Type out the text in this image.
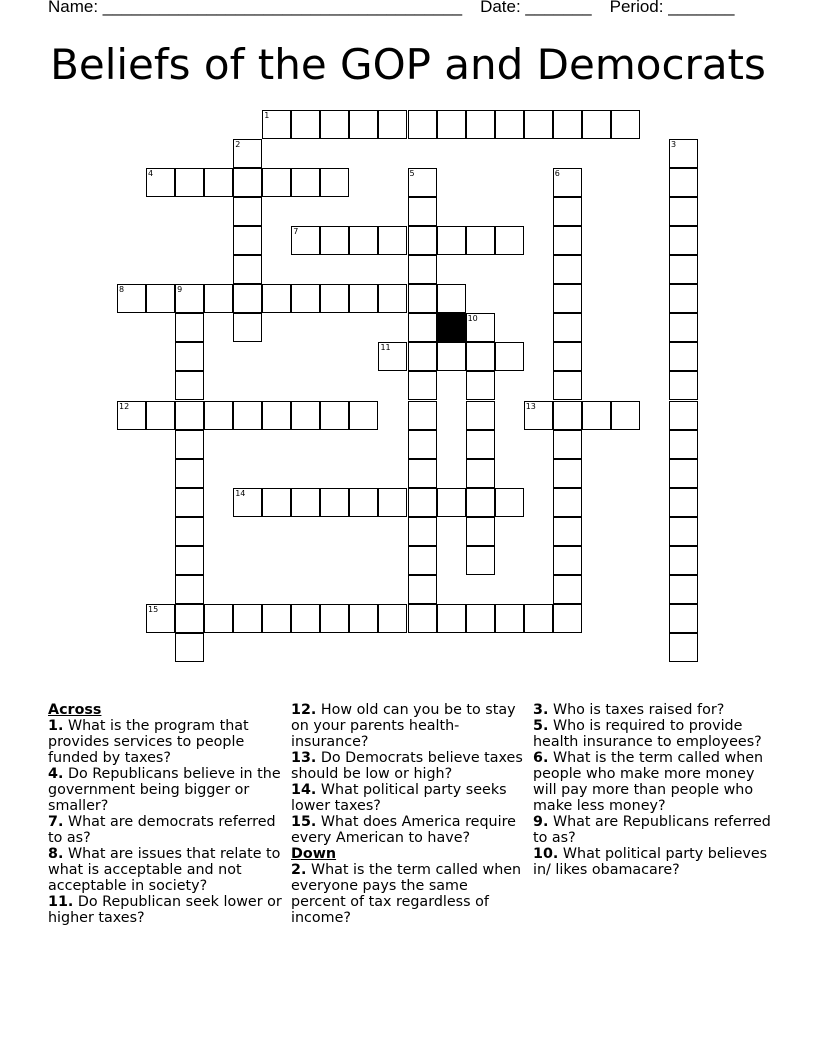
Name: ______________________________________ Date: _______ Period: _______
Beliefs of the GOP and Democrats
1
2	3
4	5	6
7
8	9
10
11
12	13
14
15
Across
1. What is the program that provides services to people funded by taxes?
4. Do Republicans believe in the government being bigger or smaller?
7. What are democrats referred to as?
8. What are issues that relate to what is acceptable and not acceptable in society?
11. Do Republican seek lower or higher taxes?
12. How old can you be to stay on your parents health-insurance?
13. Do Democrats believe taxes should be low or high?
14. What political party seeks lower taxes?
15. What does America require every American to have?
Down
2. What is the term called when everyone pays the same percent of tax regardless of income?
3. Who is taxes raised for?
5. Who is required to provide health insurance to employees?
6. What is the term called when people who make more money will pay more than people who make less money?
9. What are Republicans referred to as?
10. What political party believes in/ likes obamacare?
